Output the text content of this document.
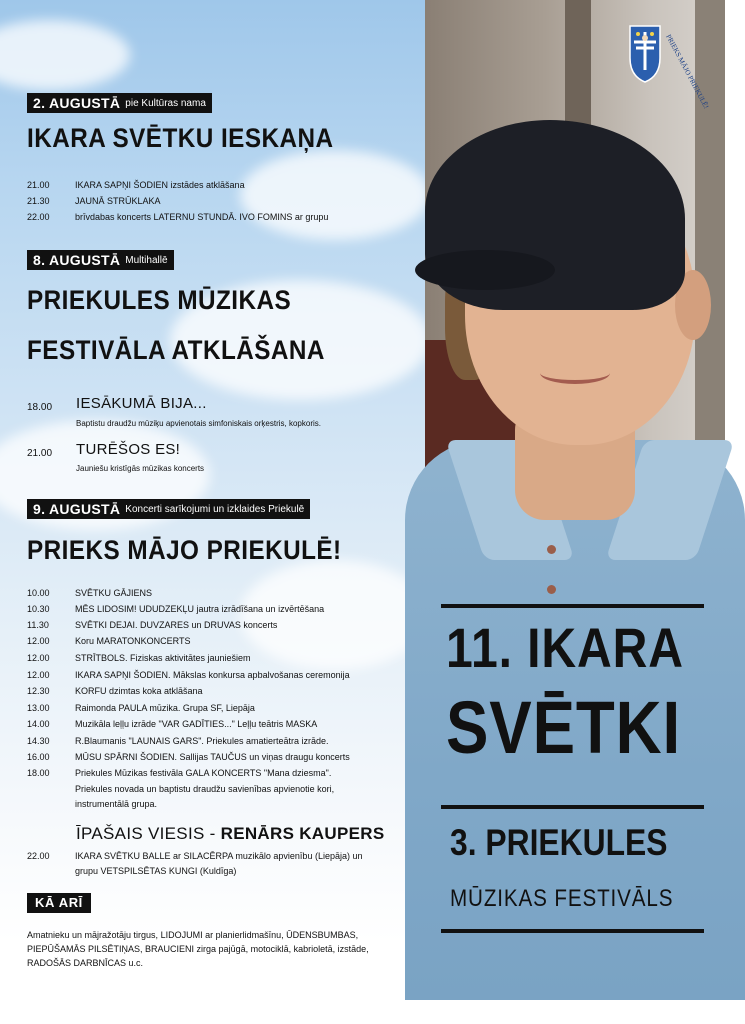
PRIEKS MĀJO PRIEKULĒ!
2. AUGUSTĀ pie Kultūras nama
IKARA SVĒTKU IESKAŅA
21.00	IKARA SAPŅI ŠODIEN izstādes atklāšana
21.30	JAUNĀ STRŪKLAKA
22.00	brīvdabas koncerts LATERNU STUNDĀ. IVO FOMINS ar grupu
8. AUGUSTĀ Multihallē
PRIEKULES MŪZIKAS
FESTIVĀLA ATKLĀŠANA
18.00 IESĀKUMĀ BIJA...
Baptistu draudžu mūziķu apvienotais simfoniskais orķestris, kopkoris.
21.00 TURĒŠOS ES!
Jauniešu kristīgās mūzikas koncerts
9. AUGUSTĀ Koncerti sarīkojumi un izklaides Priekulē
PRIEKS MĀJO PRIEKULĒ!
10.00	SVĒTKU GĀJIENS
10.30	MĒS LIDOSIM! UDUDZEKĻU jautra izrādīšana un izvērtēšana
11.30	SVĒTKI DEJAI. DUVZARES un DRUVAS koncerts
12.00	Koru MARATONKONCERTS
12.00	STRĪTBOLS. Fiziskas aktivitātes jauniešiem
12.00	IKARA SAPŅI ŠODIEN. Mākslas konkursa apbalvošanas ceremonija
12.30	KORFU dzimtas koka atklāšana
13.00	Raimonda PAULA mūzika. Grupa SF, Liepāja
14.00	Muzikāla leļļu izrāde "VAR GADĪTIES..." Leļļu teātris MASKA
14.30	R.Blaumanis "LAUNAIS GARS". Priekules amatierteātra izrāde.
16.00	MŪSU SPĀRNI ŠODIEN. Sallijas TAUČUS un viņas draugu koncerts
18.00	Priekules Mūzikas festivāla GALA KONCERTS "Mana dziesma".
Priekules novada un baptistu draudžu savienības apvienotie kori,
instrumentālā grupa.
ĪPAŠAIS VIESIS - RENĀRS KAUPERS
22.00	IKARA SVĒTKU BALLE ar SILACĒRPA muzikālo apvienību (Liepāja) un
grupu VETSPILSĒTAS KUNGI (Kuldīga)
KĀ ARĪ
Amatnieku un mājražotāju tirgus, LIDOJUMI ar planierlidmašīnu, ŪDENSBUMBAS, PIEPŪŠAMĀS PILSĒTIŅAS, BRAUCIENI zirga pajūgā, motociklā, kabrioletā, izstāde, RADOŠĀS DARBNĪCAS u.c.
11. IKARA
SVĒTKI
3. PRIEKULES
MŪZIKAS FESTIVĀLS
